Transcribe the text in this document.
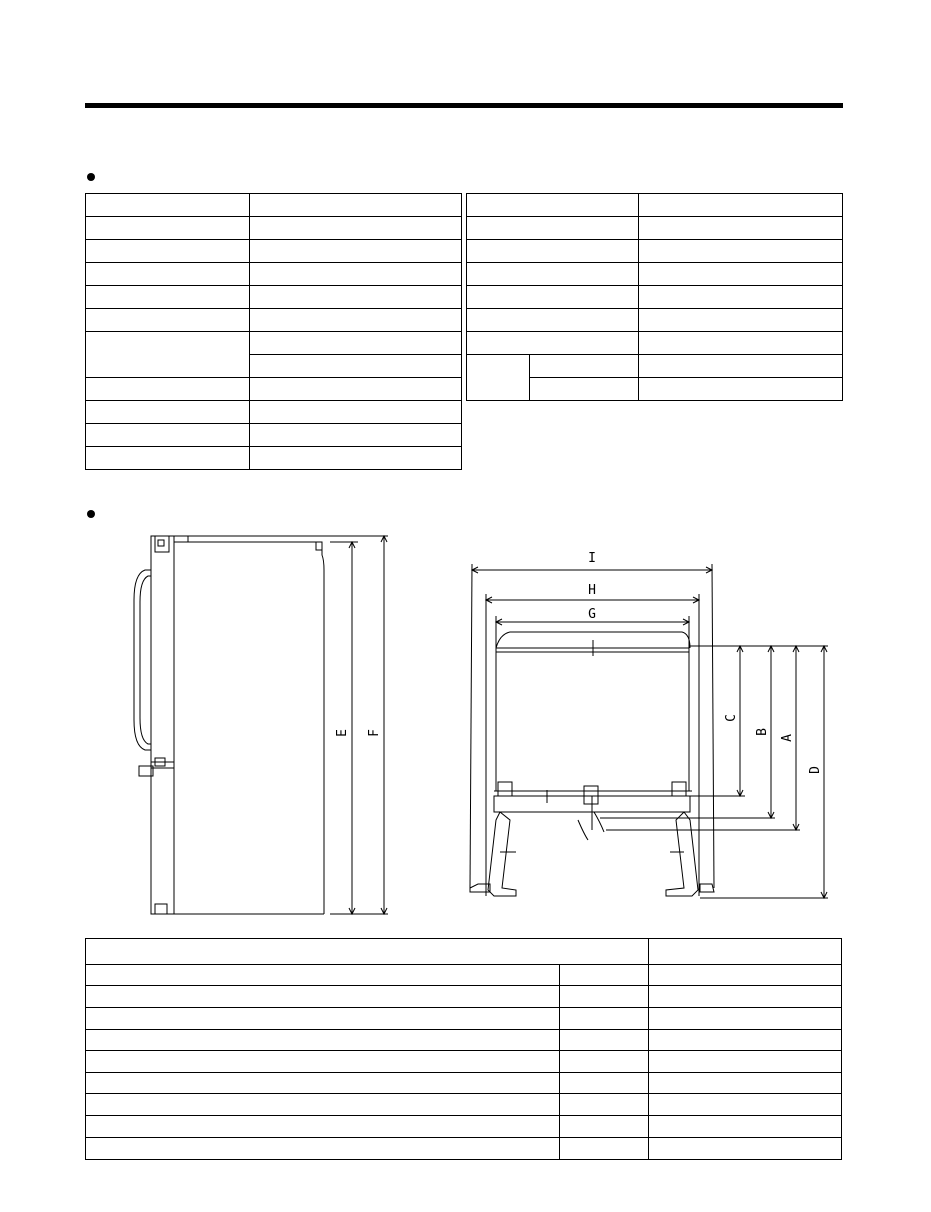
E F
I
H
G
C
B
A
D
